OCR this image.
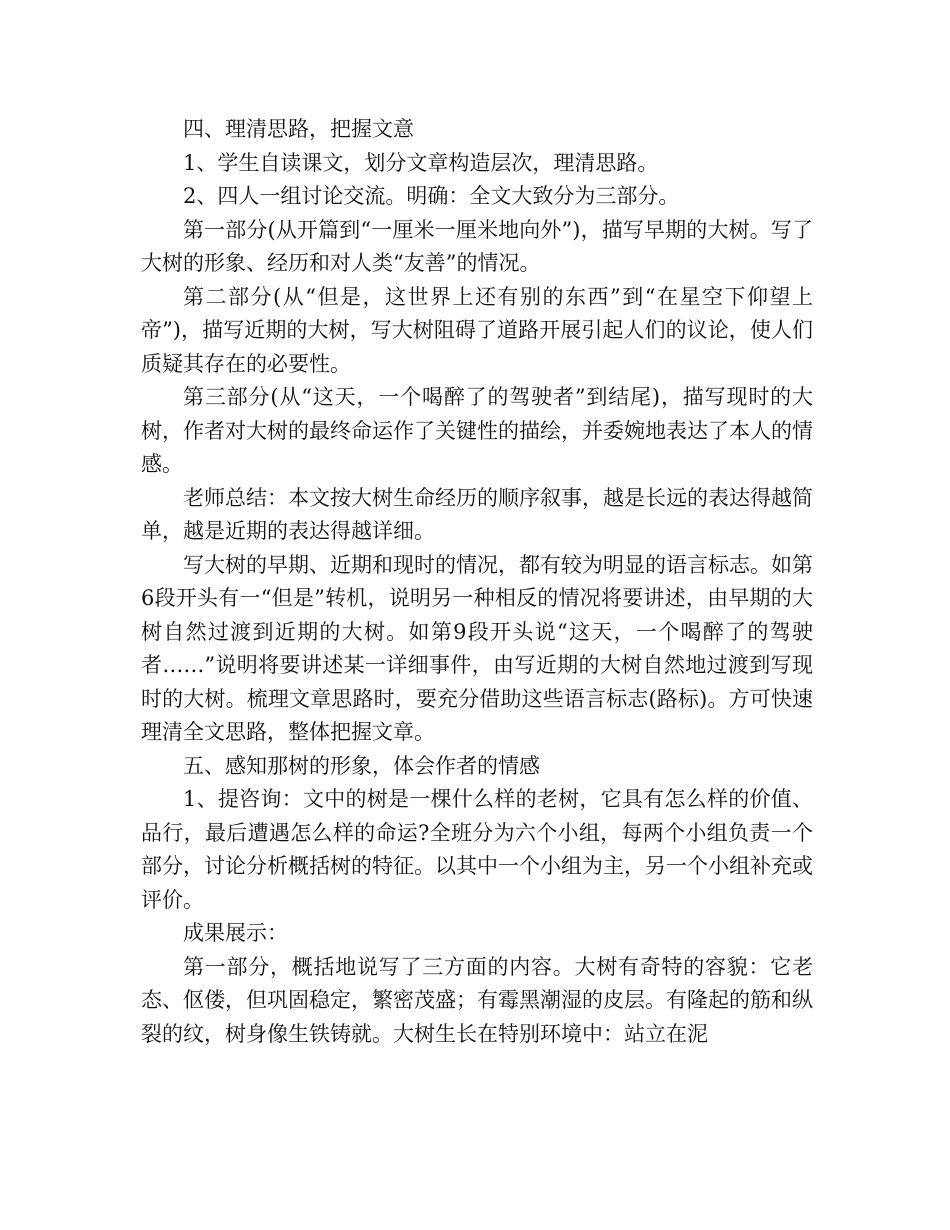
四、理清思路，把握文意

1、学生自读课文，划分文章构造层次，理清思路。

2、四人一组讨论交流。明确：全文大致分为三部分。

第一部分(从开篇到“一厘米一厘米地向外”)，描写早期的大树。写了大树的形象、经历和对人类“友善”的情况。

第二部分(从“但是，这世界上还有别的东西”到“在星空下仰望上帝”)，描写近期的大树，写大树阻碍了道路开展引起人们的议论，使人们质疑其存在的必要性。

第三部分(从“这天，一个喝醉了的驾驶者”到结尾)，描写现时的大树，作者对大树的最终命运作了关键性的描绘，并委婉地表达了本人的情感。

老师总结：本文按大树生命经历的顺序叙事，越是长远的表达得越简单，越是近期的表达得越详细。

写大树的早期、近期和现时的情况，都有较为明显的语言标志。如第6段开头有一“但是”转机，说明另一种相反的情况将要讲述，由早期的大树自然过渡到近期的大树。如第9段开头说“这天，一个喝醉了的驾驶者……”说明将要讲述某一详细事件，由写近期的大树自然地过渡到写现时的大树。梳理文章思路时，要充分借助这些语言标志(路标)。方可快速理清全文思路，整体把握文章。

五、感知那树的形象，体会作者的情感

1、提咨询：文中的树是一棵什么样的老树，它具有怎么样的价值、品行，最后遭遇怎么样的命运?全班分为六个小组，每两个小组负责一个部分，讨论分析概括树的特征。以其中一个小组为主，另一个小组补充或评价。

成果展示：

第一部分，概括地说写了三方面的内容。大树有奇特的容貌：它老态、伛偻，但巩固稳定，繁密茂盛；有霉黑潮湿的皮层。有隆起的筋和纵裂的纹，树身像生铁铸就。大树生长在特别环境中：站立在泥
